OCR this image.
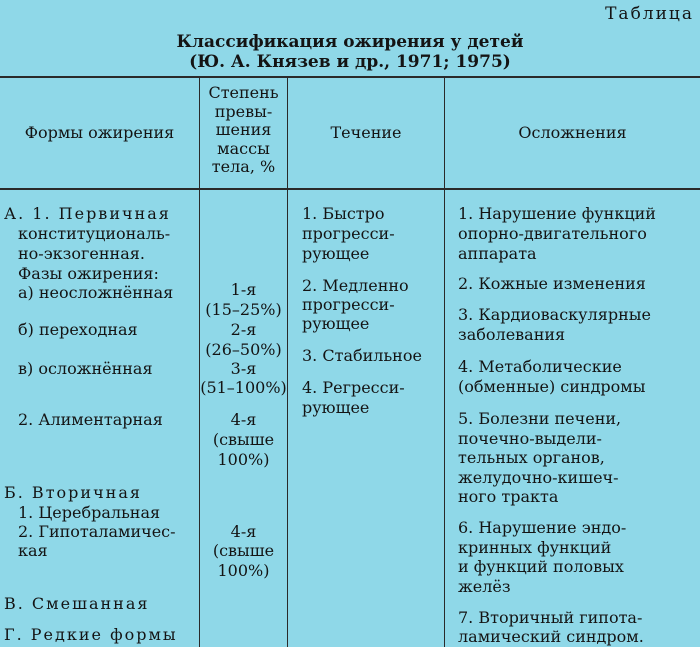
Таблица
Классификация ожирения у детей
(Ю. А. Князев и др., 1971; 1975)
Формы ожирения
Степень
превы-
шения
массы
тела, %
Течение	Осложнения
А. 1. Первичная
конституциональ-
но-экзогенная.
Фазы ожирения:
а) неосложнённая
б) переходная
в) осложнённая
2. Алиментарная
Б. Вторичная
1. Церебральная
2. Гипоталамичес-
кая
В. Смешанная
Г. Редкие формы
1-я
(15–25%)
2-я
(26–50%)
3-я
(51–100%)
4-я
(свыше
100%)
4-я
(свыше
100%)
1. Быстро
прогресси-
рующее
2. Медленно
прогресси-
рующее
3. Стабильное
4. Регресси-
рующее
1. Нарушение функций
опорно-двигательного
аппарата
2. Кожные изменения
3. Кардиоваскулярные
заболевания
4. Метаболические
(обменные) синдромы
5. Болезни печени,
почечно-выдели-
тельных органов,
желудочно-кишеч-
ного тракта
6. Нарушение эндо-
кринных функций
и функций половых
желёз
7. Вторичный гипота-
ламический синдром.
